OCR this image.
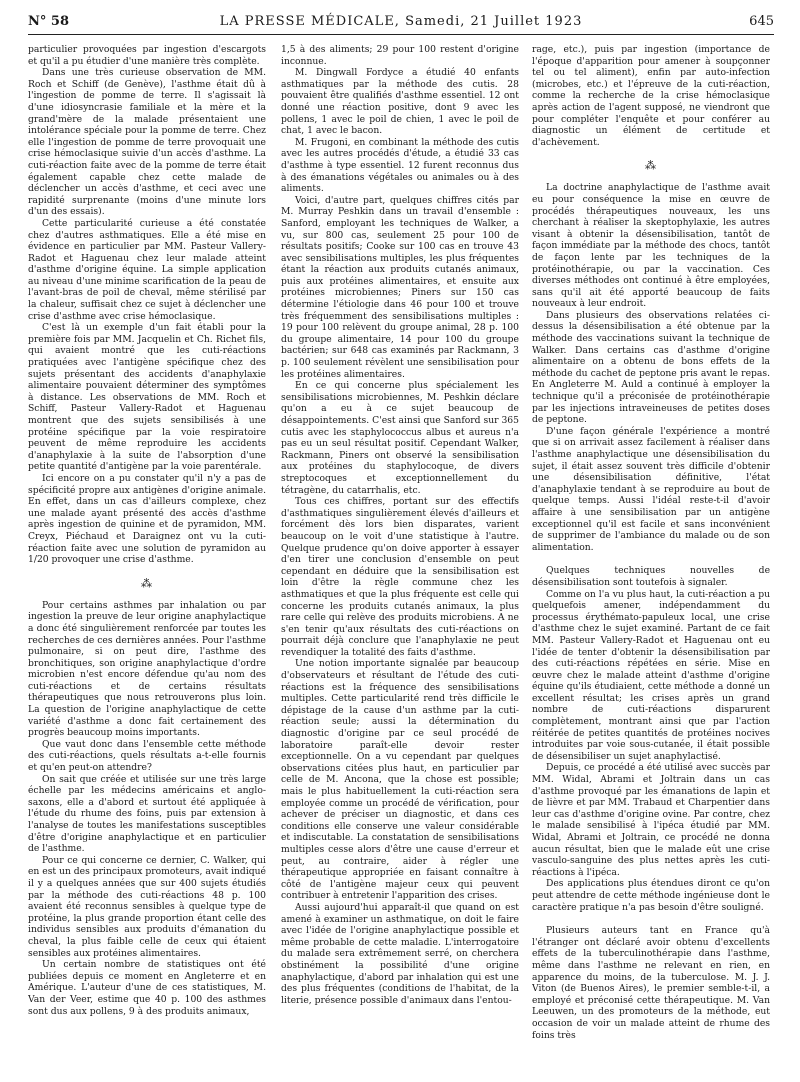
N° 58	LA PRESSE MÉDICALE, Samedi, 21 Juillet 1923	645

particulier provoquées par ingestion d'escargots et qu'il a pu étudier d'une manière très complète.

Dans une très curieuse observation de MM. Roch et Schiff (de Genève), l'asthme était dû à l'ingestion de pomme de terre. Il s'agissait là d'une idiosyncrasie familiale et la mère et la grand'mère de la malade présentaient une intolérance spéciale pour la pomme de terre. Chez elle l'ingestion de pomme de terre provoquait une crise hémoclasique suivie d'un accès d'asthme. La cuti-réaction faite avec de la pomme de terre était également capable chez cette malade de déclencher un accès d'asthme, et ceci avec une rapidité surprenante (moins d'une minute lors d'un des essais).

Cette particularité curieuse a été constatée chez d'autres asthmatiques. Elle a été mise en évidence en particulier par MM. Pasteur Vallery-Radot et Haguenau chez leur malade atteint d'asthme d'origine équine. La simple application au niveau d'une minime scarification de la peau de l'avant-bras de poil de cheval, même stérilisé par la chaleur, suffisait chez ce sujet à déclencher une crise d'asthme avec crise hémoclasique.

C'est là un exemple d'un fait établi pour la première fois par MM. Jacquelin et Ch. Richet fils, qui avaient montré que les cuti-réactions pratiquées avec l'antigène spécifique chez des sujets présentant des accidents d'anaphylaxie alimentaire pouvaient déterminer des symptômes à distance. Les observations de MM. Roch et Schiff, Pasteur Vallery-Radot et Haguenau montrent que des sujets sensibilisés à une protéine spécifique par la voie respiratoire peuvent de même reproduire les accidents d'anaphylaxie à la suite de l'absorption d'une petite quantité d'antigène par la voie parentérale.

Ici encore on a pu constater qu'il n'y a pas de spécificité propre aux antigènes d'origine animale. En effet, dans un cas d'ailleurs complexe, chez une malade ayant présenté des accès d'asthme après ingestion de quinine et de pyramidon, MM. Creyx, Piéchaud et Daraignez ont vu la cuti-réaction faite avec une solution de pyramidon au 1/20 provoquer une crise d'asthme.

⁂

Pour certains asthmes par inhalation ou par ingestion la preuve de leur origine anaphylactique a donc été singulièrement renforcée par toutes les recherches de ces dernières années. Pour l'asthme pulmonaire, si on peut dire, l'asthme des bronchitiques, son origine anaphylactique d'ordre microbien n'est encore défendue qu'au nom des cuti-réactions et de certains résultats thérapeutiques que nous retrouverons plus loin. La question de l'origine anaphylactique de cette variété d'asthme a donc fait certainement des progrès beaucoup moins importants.

Que vaut donc dans l'ensemble cette méthode des cuti-réactions, quels résultats a-t-elle fournis et qu'en peut-on attendre?

On sait que créée et utilisée sur une très large échelle par les médecins américains et anglo-saxons, elle a d'abord et surtout été appliquée à l'étude du rhume des foins, puis par extension à l'analyse de toutes les manifestations susceptibles d'être d'origine anaphylactique et en particulier de l'asthme.

Pour ce qui concerne ce dernier, C. Walker, qui en est un des principaux promoteurs, avait indiqué il y a quelques années que sur 400 sujets étudiés par la méthode des cuti-réactions 48 p. 100 avaient été reconnus sensibles à quelque type de protéine, la plus grande proportion étant celle des individus sensibles aux produits d'émanation du cheval, la plus faible celle de ceux qui étaient sensibles aux protéines alimentaires.

Un certain nombre de statistiques ont été publiées depuis ce moment en Angleterre et en Amérique. L'auteur d'une de ces statistiques, M. Van der Veer, estime que 40 p. 100 des asthmes sont dus aux pollens, 9 à des produits animaux,

1,5 à des aliments; 29 pour 100 restent d'origine inconnue.

M. Dingwall Fordyce a étudié 40 enfants asthmatiques par la méthode des cutis. 28 pouvaient être qualifiés d'asthme essentiel. 12 ont donné une réaction positive, dont 9 avec les pollens, 1 avec le poil de chien, 1 avec le poil de chat, 1 avec le bacon.

M. Frugoni, en combinant la méthode des cutis avec les autres procédés d'étude, a étudié 33 cas d'asthme à type essentiel. 12 furent reconnus dus à des émanations végétales ou animales ou à des aliments.

Voici, d'autre part, quelques chiffres cités par M. Murray Peshkin dans un travail d'ensemble : Sanford, employant les techniques de Walker, a vu, sur 800 cas, seulement 25 pour 100 de résultats positifs; Cooke sur 100 cas en trouve 43 avec sensibilisations multiples, les plus fréquentes étant la réaction aux produits cutanés animaux, puis aux protéines alimentaires, et ensuite aux protéines microbiennes; Piners sur 150 cas détermine l'étiologie dans 46 pour 100 et trouve très fréquemment des sensibilisations multiples : 19 pour 100 relèvent du groupe animal, 28 p. 100 du groupe alimentaire, 14 pour 100 du groupe bactérien; sur 648 cas examinés par Rackmann, 3 p. 100 seulement révèlent une sensibilisation pour les protéines alimentaires.

En ce qui concerne plus spécialement les sensibilisations microbiennes, M. Peshkin déclare qu'on a eu à ce sujet beaucoup de désappointements. C'est ainsi que Sanford sur 365 cutis avec les staphylococcus albus et aureus n'a pas eu un seul résultat positif. Cependant Walker, Rackmann, Piners ont observé la sensibilisation aux protéines du staphylocoque, de divers streptocoques et exceptionnellement du tétragène, du catarrhalis, etc.

Tous ces chiffres, portant sur des effectifs d'asthmatiques singulièrement élevés d'ailleurs et forcément dès lors bien disparates, varient beaucoup on le voit d'une statistique à l'autre. Quelque prudence qu'on doive apporter à essayer d'en tirer une conclusion d'ensemble on peut cependant en déduire que la sensibilisation est loin d'être la règle commune chez les asthmatiques et que la plus fréquente est celle qui concerne les produits cutanés animaux, la plus rare celle qui relève des produits microbiens. A ne s'en tenir qu'aux résultats des cuti-réactions on pourrait déjà conclure que l'anaphylaxie ne peut revendiquer la totalité des faits d'asthme.

Une notion importante signalée par beaucoup d'observateurs et résultant de l'étude des cuti-réactions est la fréquence des sensibilisations multiples. Cette particularité rend très difficile le dépistage de la cause d'un asthme par la cuti-réaction seule; aussi la détermination du diagnostic d'origine par ce seul procédé de laboratoire paraît-elle devoir rester exceptionnelle. On a vu cependant par quelques observations citées plus haut, en particulier par celle de M. Ancona, que la chose est possible; mais le plus habituellement la cuti-réaction sera employée comme un procédé de vérification, pour achever de préciser un diagnostic, et dans ces conditions elle conserve une valeur considérable et indiscutable. La constatation de sensibilisations multiples cesse alors d'être une cause d'erreur et peut, au contraire, aider à régler une thérapeutique appropriée en faisant connaître à côté de l'antigène majeur ceux qui peuvent contribuer à entretenir l'apparition des crises.

Aussi aujourd'hui apparaît-il que quand on est amené à examiner un asthmatique, on doit le faire avec l'idée de l'origine anaphylactique possible et même probable de cette maladie. L'interrogatoire du malade sera extrêmement serré, on cherchera obstinément la possibilité d'une origine anaphylactique, d'abord par inhalation qui est une des plus fréquentes (conditions de l'habitat, de la literie, présence possible d'animaux dans l'entou-

rage, etc.), puis par ingestion (importance de l'époque d'apparition pour amener à soupçonner tel ou tel aliment), enfin par auto-infection (microbes, etc.) et l'épreuve de la cuti-réaction, comme la recherche de la crise hémoclasique après action de l'agent supposé, ne viendront que pour compléter l'enquête et pour conférer au diagnostic un élément de certitude et d'achèvement.

⁂

La doctrine anaphylactique de l'asthme avait eu pour conséquence la mise en œuvre de procédés thérapeutiques nouveaux, les uns cherchant à réaliser la skeptophylaxie, les autres visant à obtenir la désensibilisation, tantôt de façon immédiate par la méthode des chocs, tantôt de façon lente par les techniques de la protéinothérapie, ou par la vaccination. Ces diverses méthodes ont continué à être employées, sans qu'il ait été apporté beaucoup de faits nouveaux à leur endroit.

Dans plusieurs des observations relatées ci-dessus la désensibilisation a été obtenue par la méthode des vaccinations suivant la technique de Walker. Dans certains cas d'asthme d'origine alimentaire on a obtenu de bons effets de la méthode du cachet de peptone pris avant le repas. En Angleterre M. Auld a continué à employer la technique qu'il a préconisée de protéinothérapie par les injections intraveineuses de petites doses de peptone.

D'une façon générale l'expérience a montré que si on arrivait assez facilement à réaliser dans l'asthme anaphylactique une désensibilisation du sujet, il était assez souvent très difficile d'obtenir une désensibilisation définitive, l'état d'anaphylaxie tendant à se reproduire au bout de quelque temps. Aussi l'idéal reste-t-il d'avoir affaire à une sensibilisation par un antigène exceptionnel qu'il est facile et sans inconvénient de supprimer de l'ambiance du malade ou de son alimentation.

Quelques techniques nouvelles de désensibilisation sont toutefois à signaler.

Comme on l'a vu plus haut, la cuti-réaction a pu quelquefois amener, indépendamment du processus érythémato-papuleux local, une crise d'asthme chez le sujet examiné. Partant de ce fait MM. Pasteur Vallery-Radot et Haguenau ont eu l'idée de tenter d'obtenir la désensibilisation par des cuti-réactions répétées en série. Mise en œuvre chez le malade atteint d'asthme d'origine équine qu'ils étudiaient, cette méthode a donné un excellent résultat; les crises après un grand nombre de cuti-réactions disparurent complètement, montrant ainsi que par l'action réitérée de petites quantités de protéines nocives introduites par voie sous-cutanée, il était possible de désensibiliser un sujet anaphylactisé.

Depuis, ce procédé a été utilisé avec succès par MM. Widal, Abrami et Joltrain dans un cas d'asthme provoqué par les émanations de lapin et de lièvre et par MM. Trabaud et Charpentier dans leur cas d'asthme d'origine ovine. Par contre, chez le malade sensibilisé à l'ipéca étudié par MM. Widal, Abrami et Joltrain, ce procédé ne donna aucun résultat, bien que le malade eût une crise vasculo-sanguine des plus nettes après les cuti-réactions à l'ipéca.

Des applications plus étendues diront ce qu'on peut attendre de cette méthode ingénieuse dont le caractère pratique n'a pas besoin d'être souligné.

Plusieurs auteurs tant en France qu'à l'étranger ont déclaré avoir obtenu d'excellents effets de la tuberculinothérapie dans l'asthme, même dans l'asthme ne relevant en rien, en apparence du moins, de la tuberculose. M. J. J. Viton (de Buenos Aires), le premier semble-t-il, a employé et préconisé cette thérapeutique. M. Van Leeuwen, un des promoteurs de la méthode, eut occasion de voir un malade atteint de rhume des foins très
